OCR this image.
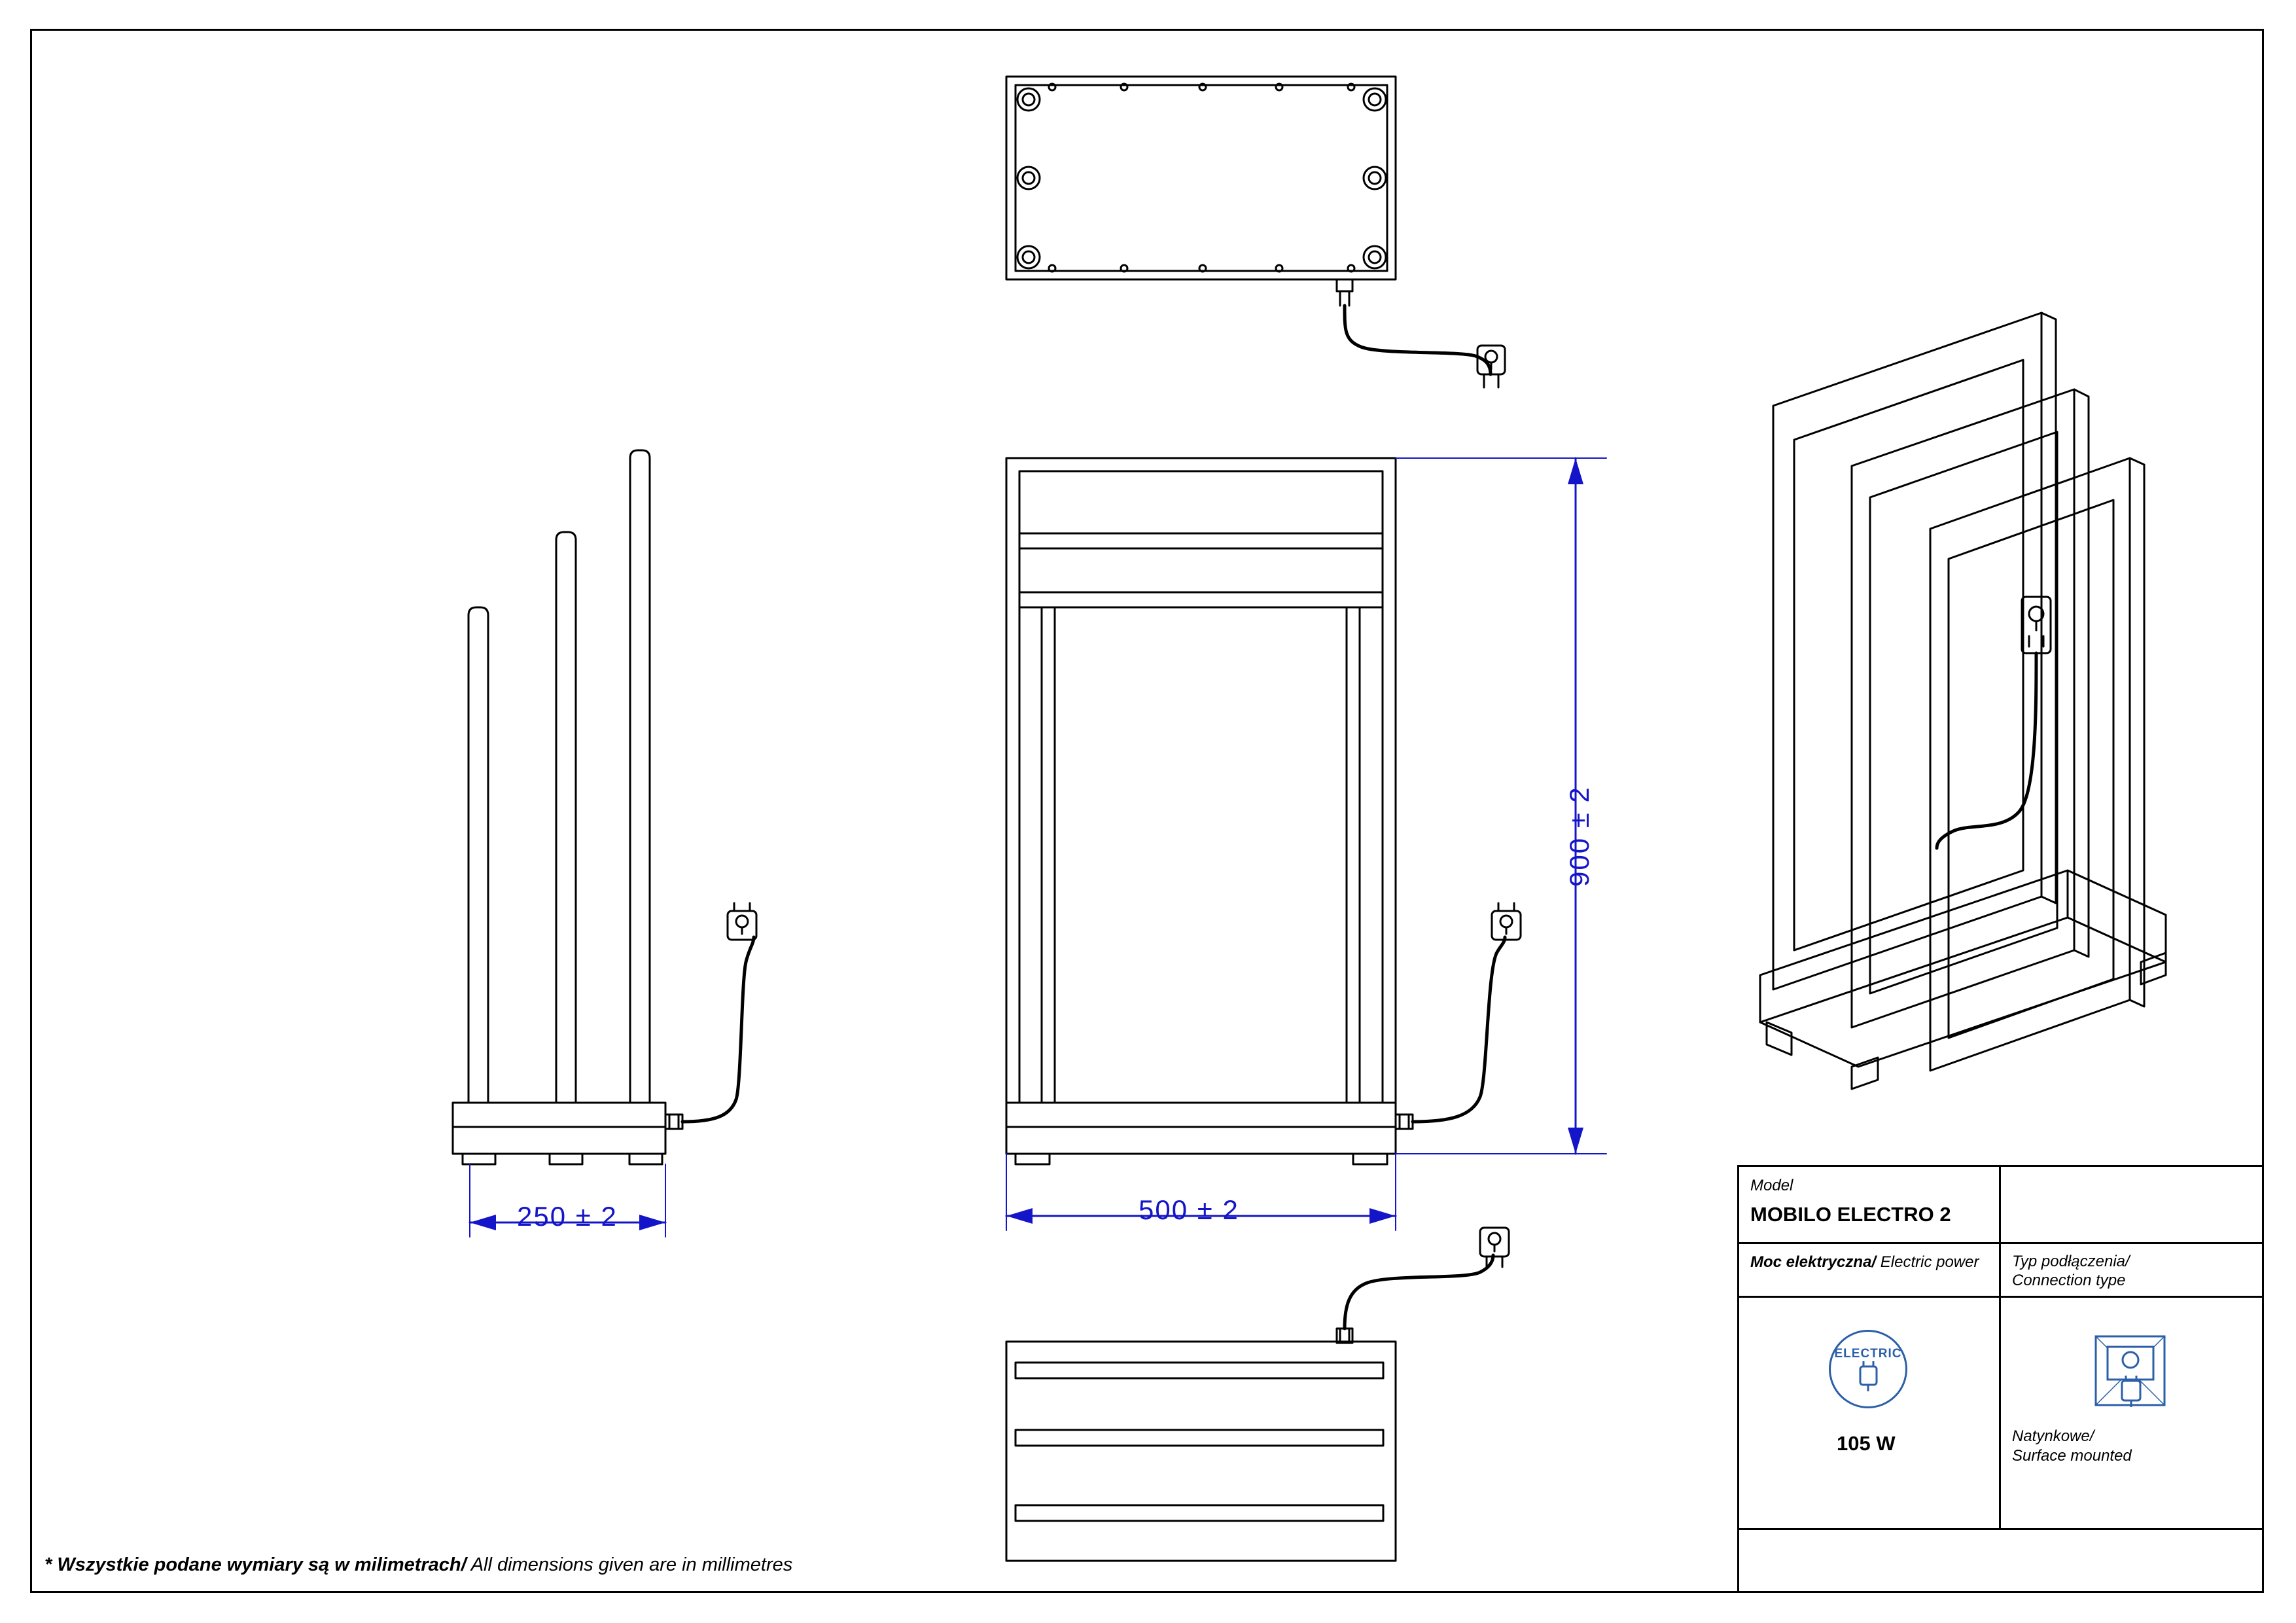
900 ± 2
500 ± 2
250 ± 2
* Wszystkie podane wymiary są w milimetrach/ All dimensions given are in millimetres
Model
MOBILO ELECTRO 2
Moc elektryczna/ Electric power Typ podłączenia/
Connection type
ELECTRIC
105 W	Natynkowe/
Surface mounted
